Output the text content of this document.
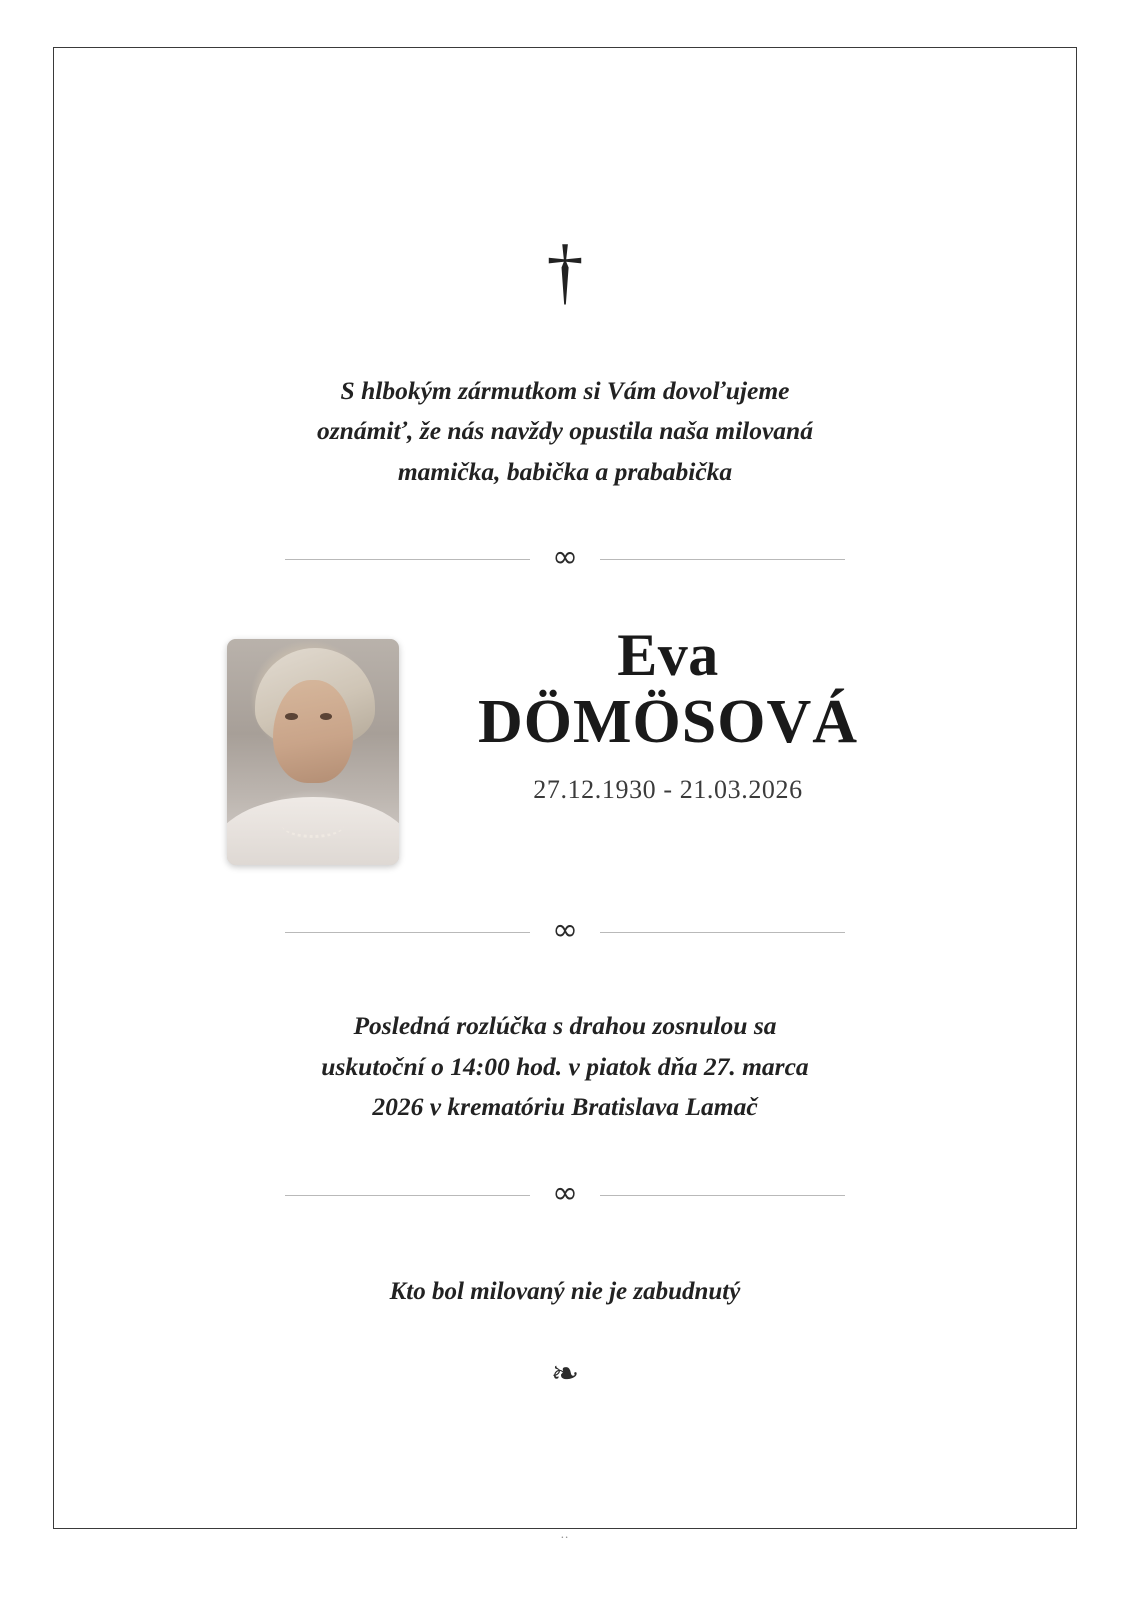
†
S hlbokým zármutkom si Vám dovoľujeme
oznámiť, že nás navždy opustila naša milovaná
mamička, babička a prababička
∞
Eva
DÖMÖSOVÁ
27.12.1930 - 21.03.2026
∞
Posledná rozlúčka s drahou zosnulou sa
uskutoční o 14:00 hod. v piatok dňa 27. marca
2026 v krematóriu Bratislava Lamač
∞
Kto bol milovaný nie je zabudnutý
❧
..
